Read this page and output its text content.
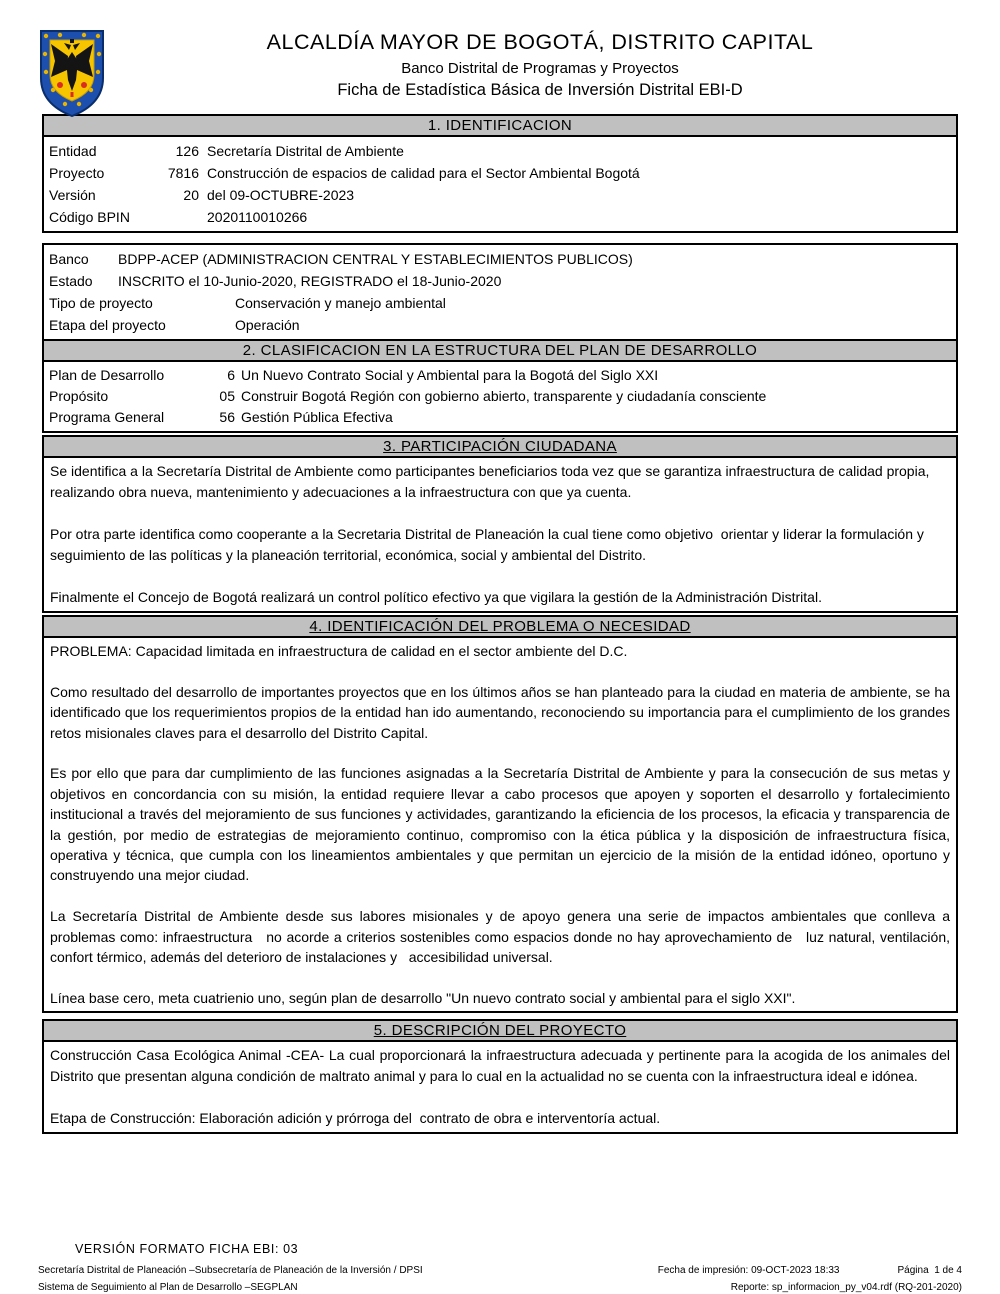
ALCALDÍA MAYOR DE BOGOTÁ, DISTRITO CAPITAL
Banco Distrital de Programas y Proyectos
Ficha de Estadística Básica de Inversión Distrital EBI-D
1. IDENTIFICACION
Entidad	126 Secretaría Distrital de Ambiente
Proyecto	7816 Construcción de espacios de calidad para el Sector Ambiental Bogotá
Versión	20 del 09-OCTUBRE-2023
Código BPIN	2020110010266
Banco	BDPP-ACEP (ADMINISTRACION CENTRAL Y ESTABLECIMIENTOS PUBLICOS)
Estado	INSCRITO el 10-Junio-2020, REGISTRADO el 18-Junio-2020
Tipo de proyecto	Conservación y manejo ambiental
Etapa del proyecto	Operación
2. CLASIFICACION EN LA ESTRUCTURA DEL PLAN DE DESARROLLO
Plan de Desarrollo	6 Un Nuevo Contrato Social y Ambiental para la Bogotá del Siglo XXI
Propósito	05 Construir Bogotá Región con gobierno abierto, transparente y ciudadanía consciente
Programa General	56 Gestión Pública Efectiva
3. PARTICIPACIÓN CIUDADANA

Se identifica a la Secretaría Distrital de Ambiente como participantes beneficiarios toda vez que se garantiza infraestructura de calidad propia, realizando obra nueva, mantenimiento y adecuaciones a la infraestructura con que ya cuenta.

Por otra parte identifica como cooperante a la Secretaria Distrital de Planeación la cual tiene como objetivo  orientar y liderar la formulación y seguimiento de las políticas y la planeación territorial, económica, social y ambiental del Distrito.

Finalmente el Concejo de Bogotá realizará un control político efectivo ya que vigilara la gestión de la Administración Distrital.

4. IDENTIFICACIÓN DEL PROBLEMA O NECESIDAD

PROBLEMA: Capacidad limitada en infraestructura de calidad en el sector ambiente del D.C.

Como resultado del desarrollo de importantes proyectos que en los últimos años se han planteado para la ciudad en materia de ambiente, se ha identificado que los requerimientos propios de la entidad han ido aumentando, reconociendo su importancia para el cumplimiento de los grandes retos misionales claves para el desarrollo del Distrito Capital.

Es por ello que para dar cumplimiento de las funciones asignadas a la Secretaría Distrital de Ambiente y para la consecución de sus metas y objetivos en concordancia con su misión, la entidad requiere llevar a cabo procesos que apoyen y soporten el desarrollo y fortalecimiento institucional a través del mejoramiento de sus funciones y actividades, garantizando la eficiencia de los procesos, la eficacia y transparencia de la gestión, por medio de estrategias de mejoramiento continuo, compromiso con la ética pública y la disposición de infraestructura física, operativa y técnica, que cumpla con los lineamientos ambientales y que permitan un ejercicio de la misión de la entidad idóneo, oportuno y construyendo una mejor ciudad.

La Secretaría Distrital de Ambiente desde sus labores misionales y de apoyo genera una serie de impactos ambientales que conlleva a problemas como: infraestructura   no acorde a criterios sostenibles como espacios donde no hay aprovechamiento de   luz natural, ventilación, confort térmico, además del deterioro de instalaciones y   accesibilidad universal.

Línea base cero, meta cuatrienio uno, según plan de desarrollo "Un nuevo contrato social y ambiental para el siglo XXI".

5. DESCRIPCIÓN DEL PROYECTO

Construcción Casa Ecológica Animal -CEA- La cual proporcionará la infraestructura adecuada y pertinente para la acogida de los animales del Distrito que presentan alguna condición de maltrato animal y para lo cual en la actualidad no se cuenta con la infraestructura ideal e idónea.

Etapa de Construcción: Elaboración adición y prórroga del  contrato de obra e interventoría actual.

VERSIÓN FORMATO FICHA EBI: 03
Secretaría Distrital de Planeación –Subsecretaría de Planeación de la Inversión / DPSI
Sistema de Seguimiento al Plan de Desarrollo –SEGPLAN
Fecha de impresión: 09-OCT-2023 18:33	Página  1 de 4
Reporte: sp_informacion_py_v04.rdf (RQ-201-2020)
